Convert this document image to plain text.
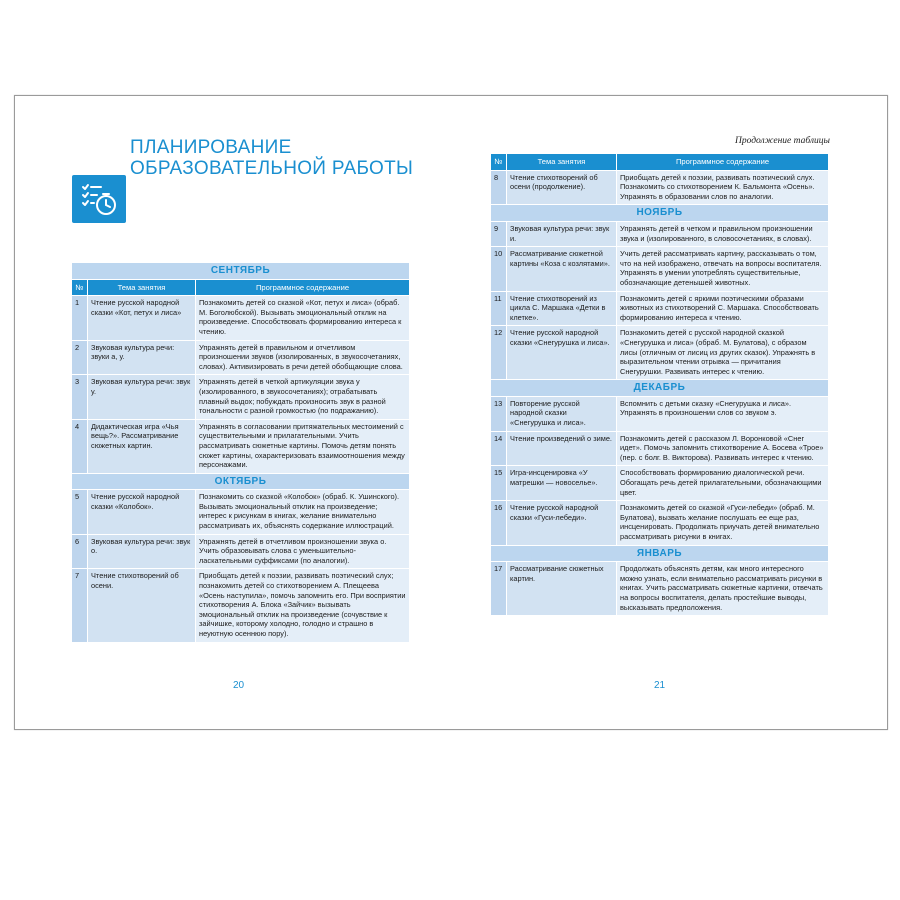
ПЛАНИРОВАНИЕ
ОБРАЗОВАТЕЛЬНОЙ РАБОТЫ
Продолжение таблицы
СЕНТЯБРЬ		
№	Тема занятия	Программное содержание
1	Чтение русской народной сказки «Кот, петух и лиса»	Познакомить детей со сказкой «Кот, петух и лиса» (обраб. М. Боголюбской). Вызывать эмоциональный отклик на произведение. Способствовать формированию интереса к чтению.
2	Звуковая культура речи: звуки а, у.	Упражнять детей в правильном и отчетливом произношении звуков (изолированных, в звукосочетаниях, словах). Активизировать в речи детей обобщающие слова.
3	Звуковая культура речи: звук у.	Упражнять детей в четкой артикуляции звука у (изолированного, в звукосочетаниях); отрабатывать плавный выдох; побуждать произносить звук в разной тональности с разной громкостью (по подражанию).
4	Дидактическая игра «Чья вещь?». Рассматривание сюжетных картин.	Упражнять в согласовании притяжательных местоимений с существительными и прилагательными. Учить рассматривать сюжетные картины. Помочь детям понять сюжет картины, охарактеризовать взаимоотношения между персонажами.
ОКТЯБРЬ		
5	Чтение русской народной сказки «Колобок».	Познакомить со сказкой «Колобок» (обраб. К. Ушинского). Вызывать эмоциональный отклик на произведение; интерес к рисункам в книгах, желание внимательно рассматривать их, объяснять содержание иллюстраций.
6	Звуковая культура речи: звук о.	Упражнять детей в отчетливом произношении звука о. Учить образовывать слова с уменьшительно-ласкательными суффиксами (по аналогии).
7	Чтение стихотворений об осени.	Приобщать детей к поэзии, развивать поэтический слух; познакомить детей со стихотворением А. Плещеева «Осень наступила», помочь запомнить его. При восприятии стихотворения А. Блока «Зайчик» вызывать эмоциональный отклик на произведение (сочувствие к зайчишке, которому холодно, голодно и страшно в неуютную осеннюю пору).
№	Тема занятия	Программное содержание
8	Чтение стихотворений об осени (продолжение).	Приобщать детей к поэзии, развивать поэтический слух. Познакомить со стихотворением К. Бальмонта «Осень». Упражнять в образовании слов по аналогии.
НОЯБРЬ		
9	Звуковая культура речи: звук и.	Упражнять детей в четком и правильном произношении звука и (изолированного, в словосочетаниях, в словах).
10	Рассматривание сюжетной картины «Коза с козлятами».	Учить детей рассматривать картину, рассказывать о том, что на ней изображено, отвечать на вопросы воспитателя. Упражнять в умении употреблять существительные, обозначающие детенышей животных.
11	Чтение стихотворений из цикла С. Маршака «Детки в клетке».	Познакомить детей с яркими поэтическими образами животных из стихотворений С. Маршака. Способствовать формированию интереса к чтению.
12	Чтение русской народной сказки «Снегурушка и лиса».	Познакомить детей с русской народной сказкой «Снегурушка и лиса» (обраб. М. Булатова), с образом лисы (отличным от лисиц из других сказок). Упражнять в выразительном чтении отрывка — причитания Снегурушки. Развивать интерес к чтению.
ДЕКАБРЬ		
13	Повторение русской народной сказки «Снегурушка и лиса».	Вспомнить с детьми сказку «Снегурушка и лиса». Упражнять в произношении слов со звуком э.
14	Чтение произведений о зиме.	Познакомить детей с рассказом Л. Воронковой «Снег идет». Помочь запомнить стихотворение А. Босева «Трое» (пер. с болг. В. Викторова). Развивать интерес к чтению.
15	Игра-инсценировка «У матрешки — новоселье».	Способствовать формированию диалогической речи. Обогащать речь детей прилагательными, обозначающими цвет.
16	Чтение русской народной сказки «Гуси-лебеди».	Познакомить детей со сказкой «Гуси-лебеди» (обраб. М. Булатова), вызвать желание послушать ее еще раз, инсценировать. Продолжать приучать детей внимательно рассматривать рисунки в книгах.
ЯНВАРЬ		
17	Рассматривание сюжетных картин.	Продолжать объяснять детям, как много интересного можно узнать, если внимательно рассматривать рисунки в книгах. Учить рассматривать сюжетные картинки, отвечать на вопросы воспитателя, делать простейшие выводы, высказывать предположения.
20	21
